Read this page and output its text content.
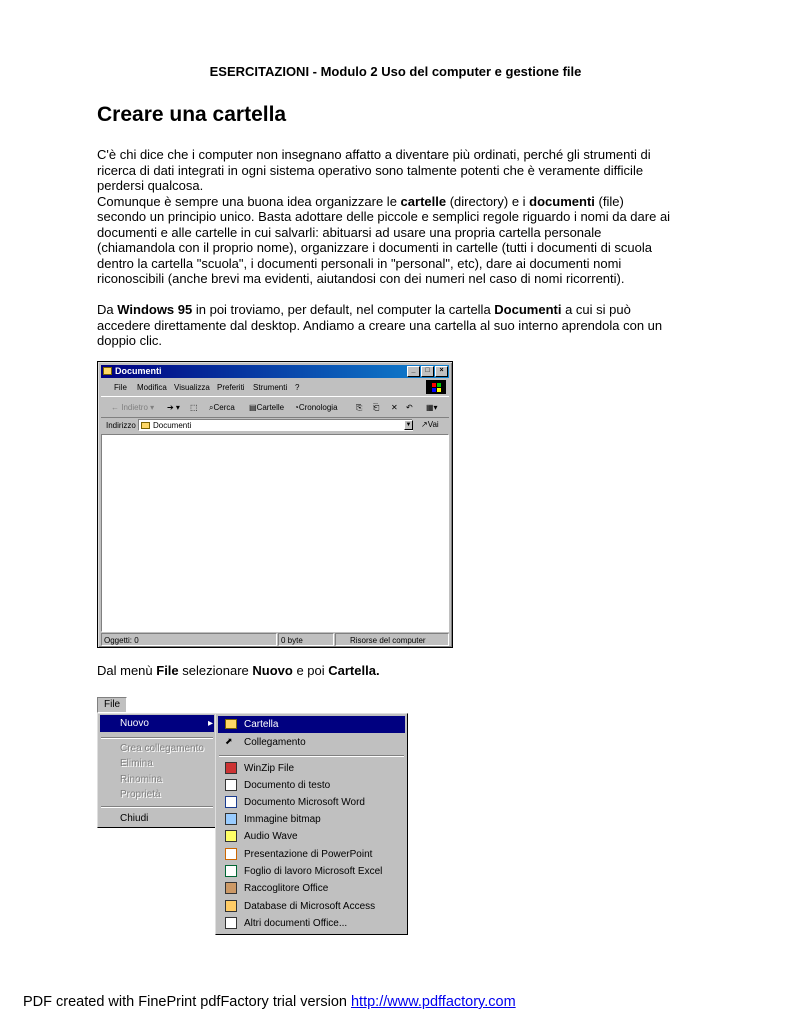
ESERCITAZIONI - Modulo 2 Uso del computer e gestione file
Creare una cartella
C'è chi dice che i computer non insegnano affatto a diventare più ordinati, perché gli strumenti di
ricerca di dati integrati in ogni sistema operativo sono talmente potenti che è veramente difficile
perdersi qualcosa.
Comunque è sempre una buona idea organizzare le cartelle (directory) e i documenti (file)
secondo un principio unico. Basta adottare delle piccole e semplici regole riguardo i nomi da dare ai
documenti e alle cartelle in cui salvarli: abituarsi ad usare una propria cartella personale
(chiamandola con il proprio nome), organizzare i documenti in cartelle (tutti i documenti di scuola
dentro la cartella "scuola", i documenti personali in "personal", etc), dare ai documenti nomi
riconoscibili (anche brevi ma evidenti, aiutandosi con dei numeri nel caso di nomi ricorrenti).
Da Windows 95 in poi troviamo, per default, nel computer la cartella Documenti a cui si può
accedere direttamente dal desktop. Andiamo a creare una cartella al suo interno aprendola con un
doppio clic.
Documenti	_	□	×
File Modifica Visualizza Preferiti Strumenti ?
← Indietro ▾ ➔ ▾ ⬚ ⌕Cerca ▤Cartelle ◔Cronologia ⎘ ⎗ ✕ ↶ ▦▾
Indirizzo Documenti	▼ ↗Vai
Oggetti: 0	0 byte	Risorse del computer
Dal menù File selezionare Nuovo e poi Cartella.
File
Nuovo	▸
Crea collegamento
Elimina
Rinomina
Proprietà
Chiudi
Cartella
⬈	Collegamento
WinZip File
Documento di testo
Documento Microsoft Word
Immagine bitmap
Audio Wave
Presentazione di PowerPoint
Foglio di lavoro Microsoft Excel
Raccoglitore Office
Database di Microsoft Access
Altri documenti Office...
PDF created with FinePrint pdfFactory trial version http://www.pdffactory.com
